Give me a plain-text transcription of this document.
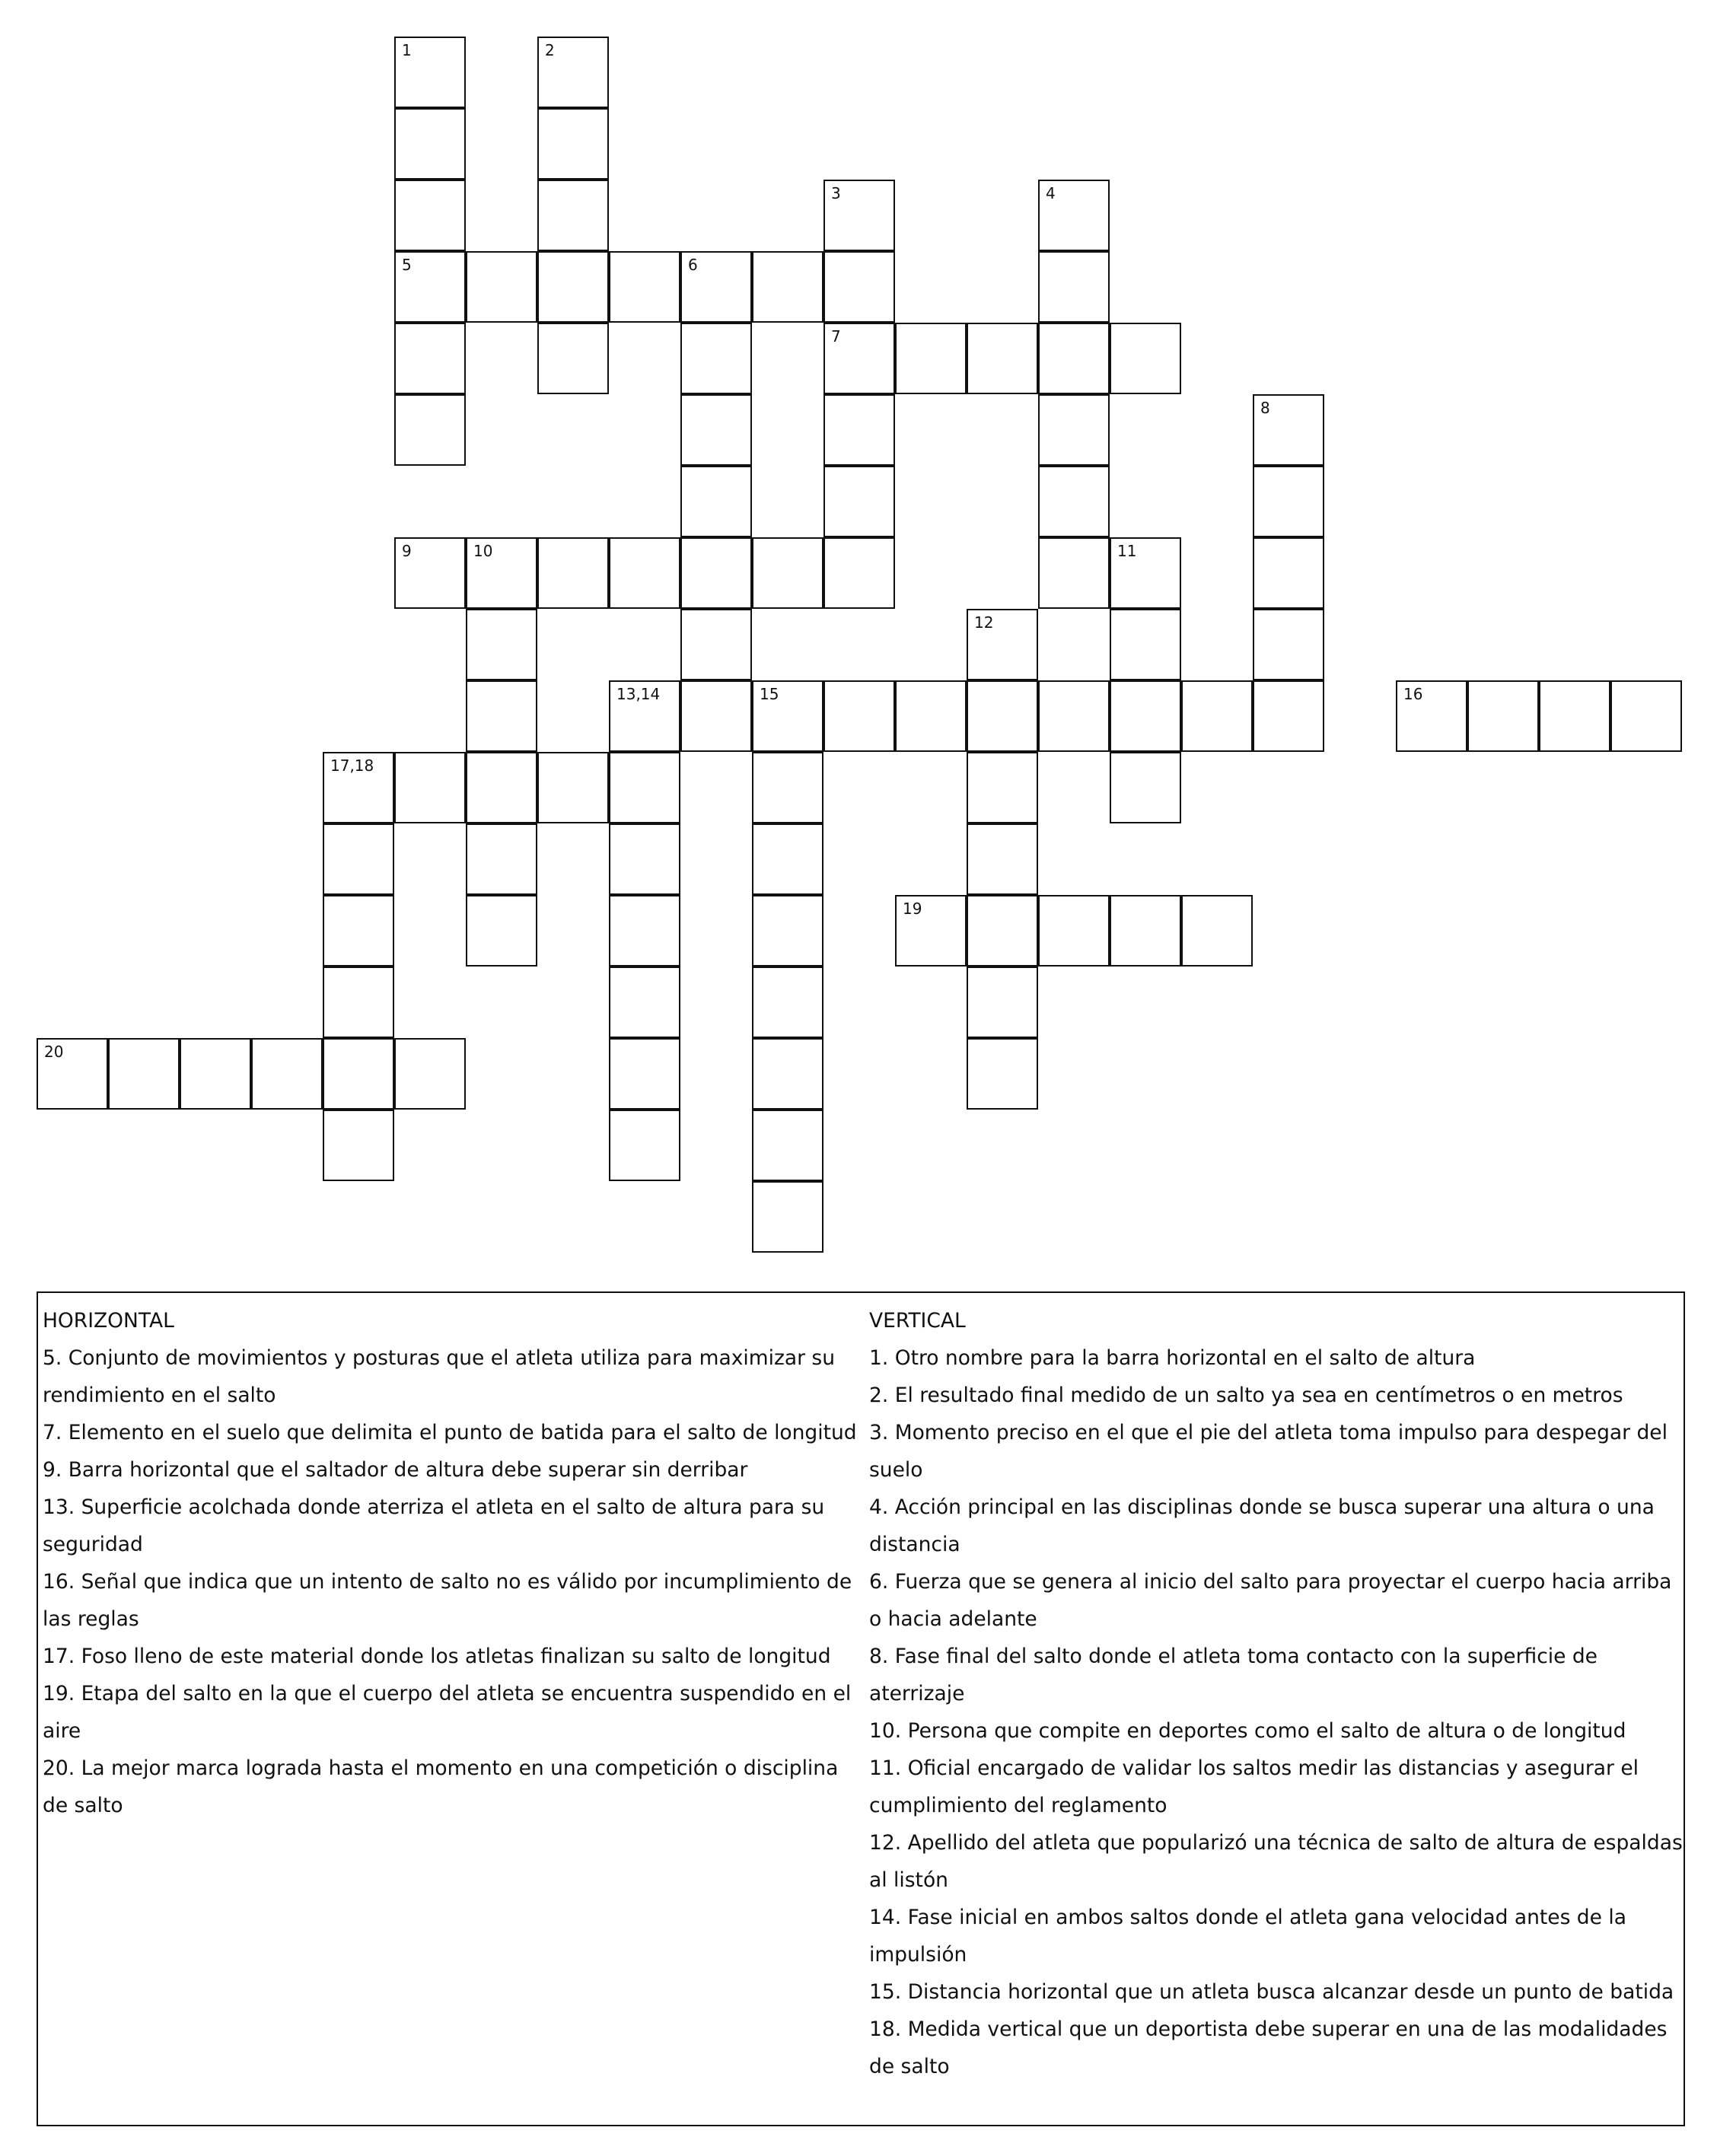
5	6
7
9	10
13,14	15	16
17,18
19
20
1	2
3	4
8
11
12

HORIZONTAL

5. Conjunto de movimientos y posturas que el atleta utiliza para maximizar su rendimiento en el salto

7. Elemento en el suelo que delimita el punto de batida para el salto de longitud

9. Barra horizontal que el saltador de altura debe superar sin derribar

13. Superficie acolchada donde aterriza el atleta en el salto de altura para su seguridad

16. Señal que indica que un intento de salto no es válido por incumplimiento de las reglas

17. Foso lleno de este material donde los atletas finalizan su salto de longitud

19. Etapa del salto en la que el cuerpo del atleta se encuentra suspendido en el aire

20. La mejor marca lograda hasta el momento en una competición o disciplina de salto

VERTICAL

1. Otro nombre para la barra horizontal en el salto de altura

2. El resultado final medido de un salto ya sea en centímetros o en metros

3. Momento preciso en el que el pie del atleta toma impulso para despegar del suelo

4. Acción principal en las disciplinas donde se busca superar una altura o una distancia

6. Fuerza que se genera al inicio del salto para proyectar el cuerpo hacia arriba o hacia adelante

8. Fase final del salto donde el atleta toma contacto con la superficie de aterrizaje

10. Persona que compite en deportes como el salto de altura o de longitud

11. Oficial encargado de validar los saltos medir las distancias y asegurar el cumplimiento del reglamento

12. Apellido del atleta que popularizó una técnica de salto de altura de espaldas al listón

14. Fase inicial en ambos saltos donde el atleta gana velocidad antes de la impulsión

15. Distancia horizontal que un atleta busca alcanzar desde un punto de batida

18. Medida vertical que un deportista debe superar en una de las modalidades de salto
